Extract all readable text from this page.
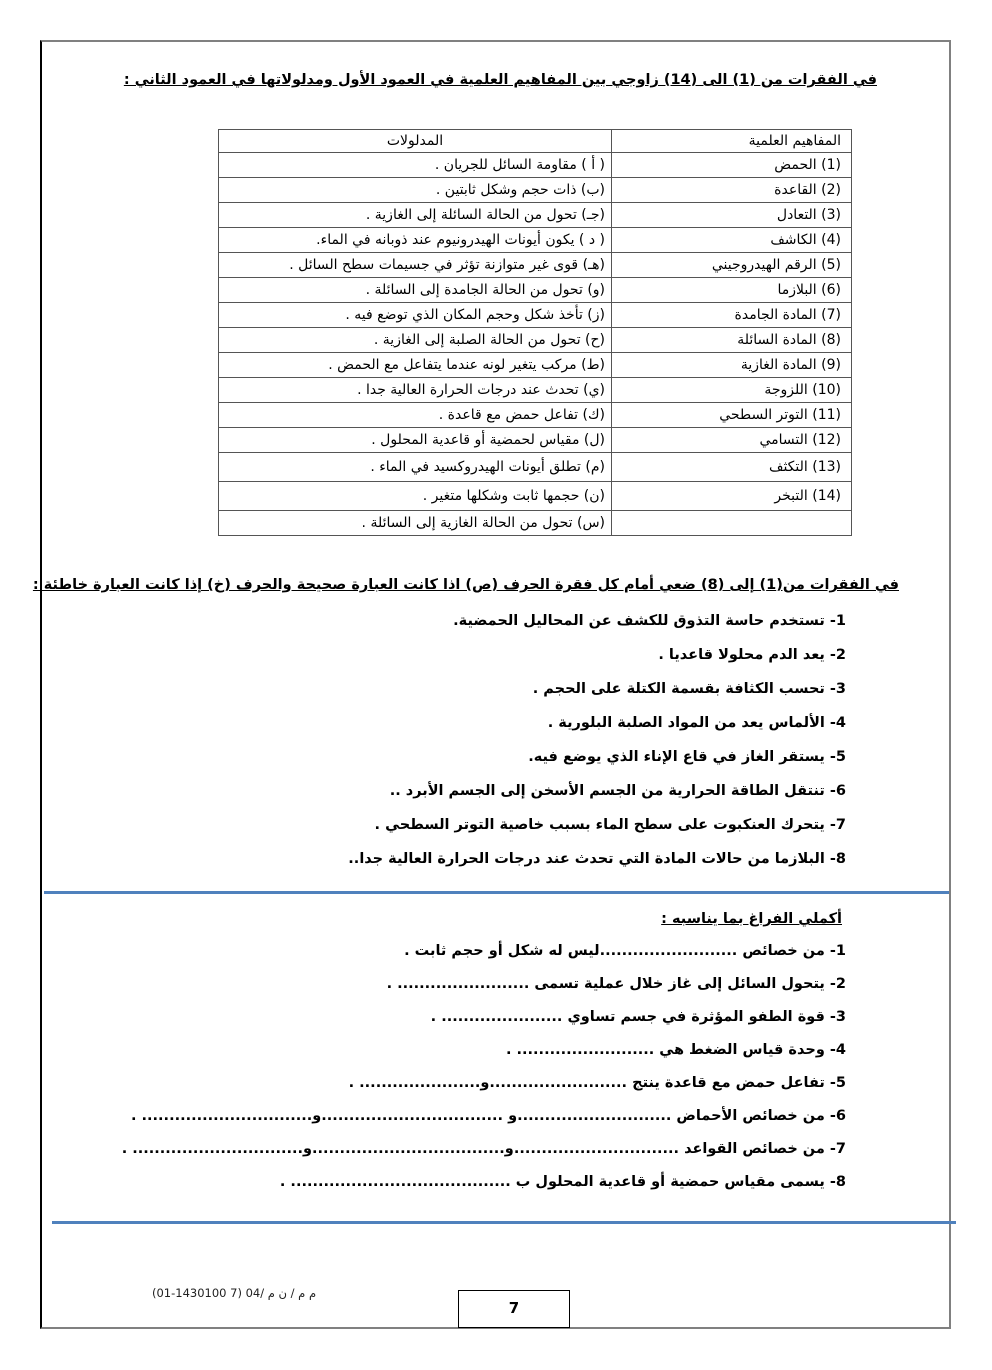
في الفقرات من (1) الى (14) زاوجي بين المفاهيم العلمية في العمود الأول ومدلولاتها في العمود الثاني :
المفاهيم العلمية	المدلولات
(1) الحمض	( أ ) مقاومة السائل للجريان .
(2) القاعدة	(ب) ذات حجم وشكل ثابتين .
(3) التعادل	(جـ) تحول من الحالة السائلة إلى الغازية .
(4) الكاشف	( د ) يكون أيونات الهيدرونيوم عند ذوبانه في الماء.
(5) الرقم الهيدروجيني	(هـ) قوى غير متوازنة تؤثر في جسيمات سطح السائل .
(6) البلازما	(و) تحول من الحالة الجامدة إلى السائلة .
(7) المادة الجامدة	(ز) تأخذ شكل وحجم المكان الذي توضع فيه .
(8) المادة السائلة	(ح) تحول من الحالة الصلبة إلى الغازية .
(9) المادة الغازية	(ط) مركب يتغير لونه عندما يتفاعل مع الحمض .
(10) اللزوجة	(ي) تحدث عند درجات الحرارة العالية جدا .
(11) التوتر السطحي	(ك) تفاعل حمض مع قاعدة .
(12) التسامي	(ل) مقياس لحمضية أو قاعدية المحلول .
(13) التكثف	(م) تطلق أيونات الهيدروكسيد في الماء .
(14) التبخر	(ن) حجمها ثابت وشكلها متغير .
	(س) تحول من الحالة الغازية إلى السائلة .
في الفقرات من(1) إلى (8) ضعي أمام كل فقرة الحرف (ص) اذا كانت العبارة صحيحة والحرف (خ) إذا كانت العبارة خاطئة :
1- تستخدم حاسة التذوق للكشف عن المحاليل الحمضية.
2- يعد الدم محلولا قاعديا .
3- تحسب الكثافة بقسمة الكتلة على الحجم .
4- الألماس يعد من المواد الصلبة البلورية .
5- يستقر الغاز في قاع الإناء الذي يوضع فيه.
6- تنتقل الطاقة الحرارية من الجسم الأسخن إلى الجسم الأبرد ..
7- يتحرك العنكبوت على سطح الماء بسبب خاصية التوتر السطحي .
8- البلازما من حالات المادة التي تحدث عند درجات الحرارة العالية جدا..
أكملي الفراغ بما يناسبه :
1- من خصائص .........................ليس له شكل أو حجم ثابت .
2- يتحول السائل إلى غاز خلال عملية تسمى ........................ .
3- قوة الطفو المؤثرة في جسم تساوي ...................... .
4- وحدة قياس الضغط هي ......................... .
5- تفاعل حمض مع قاعدة ينتج .........................و...................... .
6- من خصائص الأحماض ............................و .................................و............................... .
7- من خصائص القواعد ..............................و...................................و............................... .
8- يسمى مقياس حمضية أو قاعدية المحلول ب ........................................ .
(01-1430100 7) 04/ م م / ن م
7
